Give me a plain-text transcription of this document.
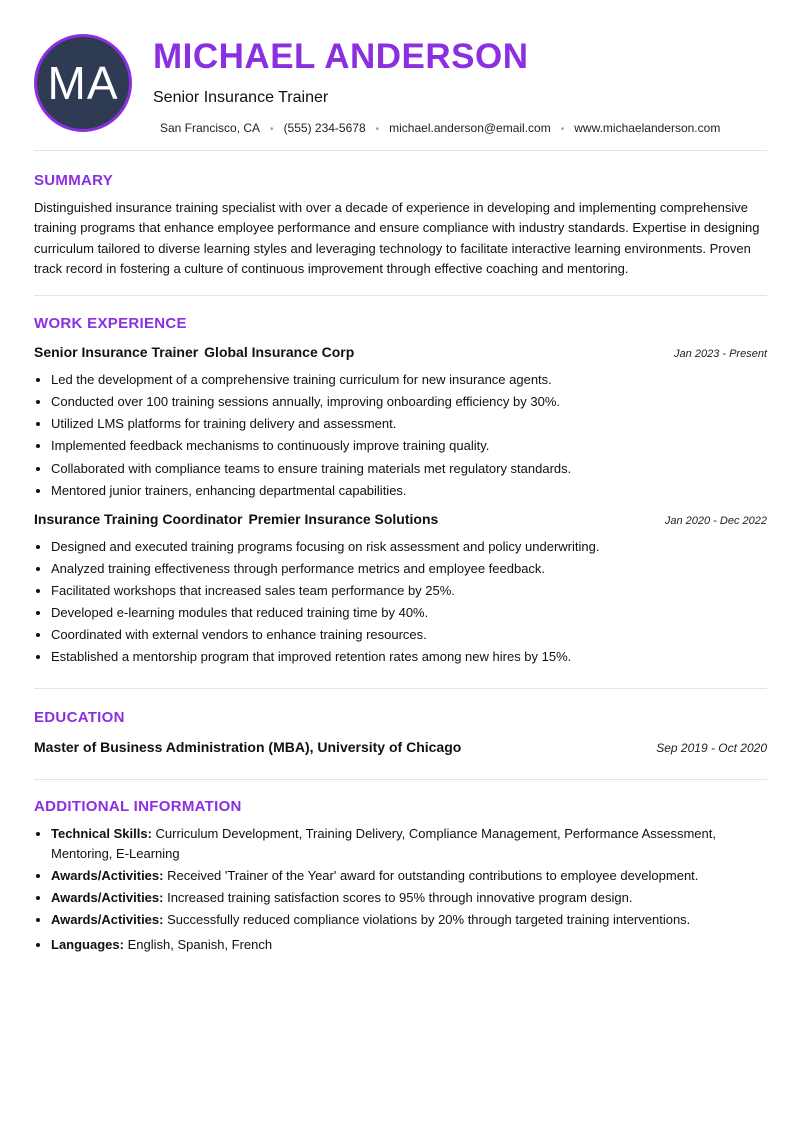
MA
MICHAEL ANDERSON
Senior Insurance Trainer
San Francisco, CA • (555) 234-5678 • michael.anderson@email.com • www.michaelanderson.com
SUMMARY

Distinguished insurance training specialist with over a decade of experience in developing and implementing comprehensive training programs that enhance employee performance and ensure compliance with industry standards. Expertise in designing curriculum tailored to diverse learning styles and leveraging technology to facilitate interactive learning environments. Proven track record in fostering a culture of continuous improvement through effective coaching and mentoring.

WORK EXPERIENCE
Senior Insurance Trainer Global Insurance Corp	Jan 2023 - Present
• Led the development of a comprehensive training curriculum for new insurance agents.
• Conducted over 100 training sessions annually, improving onboarding efficiency by 30%.
• Utilized LMS platforms for training delivery and assessment.
• Implemented feedback mechanisms to continuously improve training quality.
• Collaborated with compliance teams to ensure training materials met regulatory standards.
• Mentored junior trainers, enhancing departmental capabilities.
Insurance Training Coordinator Premier Insurance Solutions	Jan 2020 - Dec 2022
• Designed and executed training programs focusing on risk assessment and policy underwriting.
• Analyzed training effectiveness through performance metrics and employee feedback.
• Facilitated workshops that increased sales team performance by 25%.
• Developed e-learning modules that reduced training time by 40%.
• Coordinated with external vendors to enhance training resources.
• Established a mentorship program that improved retention rates among new hires by 15%.
EDUCATION
Master of Business Administration (MBA), University of Chicago	Sep 2019 - Oct 2020
ADDITIONAL INFORMATION
• Technical Skills: Curriculum Development, Training Delivery, Compliance Management, Performance Assessment, Mentoring, E-Learning
• Awards/Activities: Received 'Trainer of the Year' award for outstanding contributions to employee development.
• Awards/Activities: Increased training satisfaction scores to 95% through innovative program design.
• Awards/Activities: Successfully reduced compliance violations by 20% through targeted training interventions.
• Languages: English, Spanish, French
